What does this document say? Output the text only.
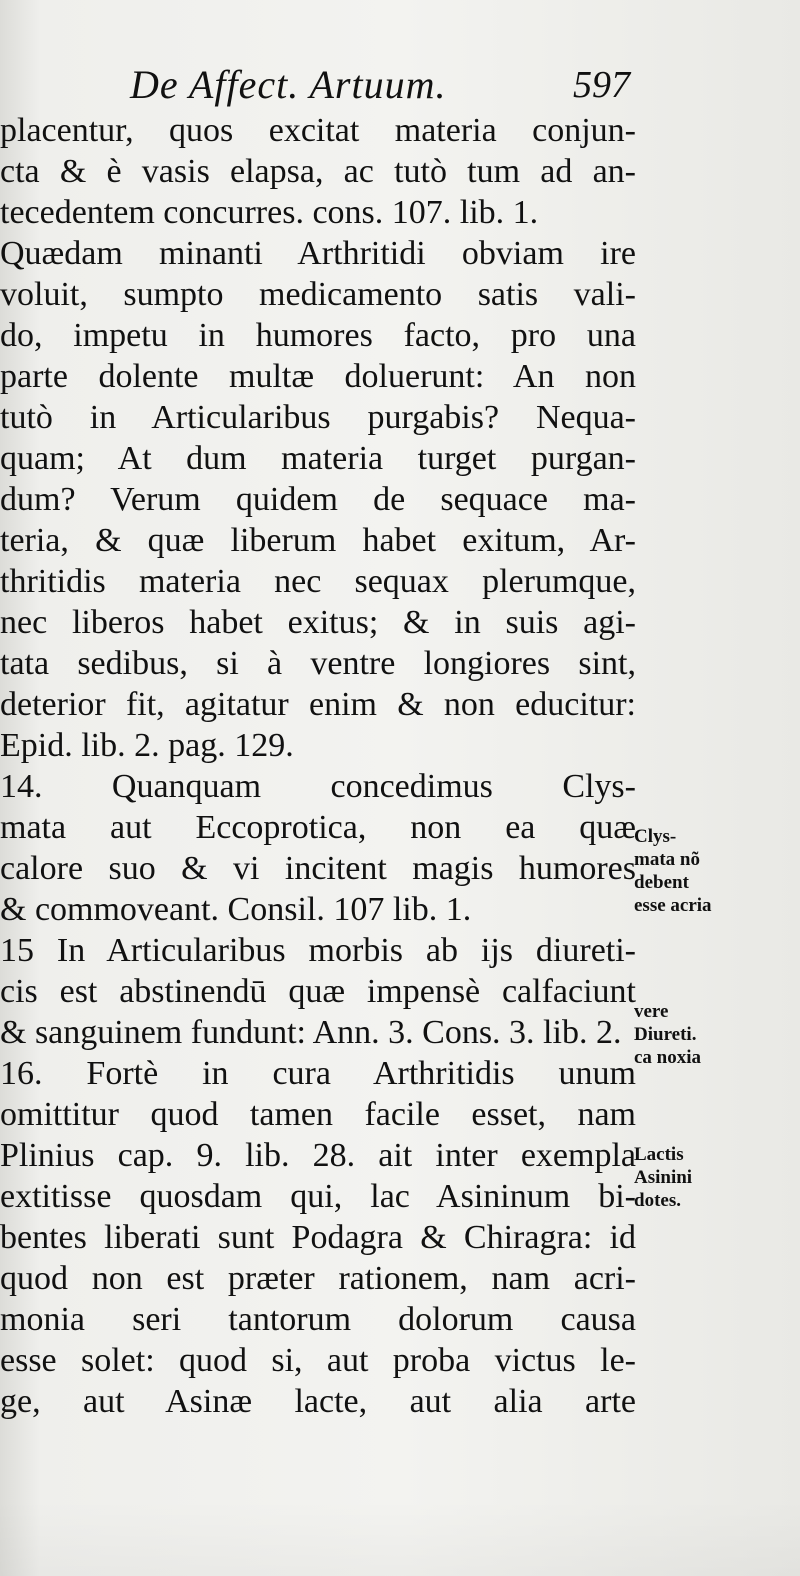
De Affect. Artuum.	597
placentur, quos excitat materia conjun-
cta & è vasis elapsa, ac tutò tum ad an-
tecedentem concurres. cons. 107. lib. 1.
Quædam minanti Arthritidi obviam ire
voluit, sumpto medicamento satis vali-
do, impetu in humores facto, pro una
parte dolente multæ doluerunt: An non
tutò in Articularibus purgabis? Nequa-
quam; At dum materia turget purgan-
dum? Verum quidem de sequace ma-
teria, & quæ liberum habet exitum, Ar-
thritidis materia nec sequax plerumque,
nec liberos habet exitus; & in suis agi-
tata sedibus, si à ventre longiores sint,
deterior fit, agitatur enim & non educitur:
Epid. lib. 2. pag. 129.
14. Quanquam concedimus Clys-
mata aut Eccoprotica, non ea quæ
calore suo & vi incitent magis humores
& commoveant. Consil. 107 lib. 1.
15 In Articularibus morbis ab ijs diureti-
cis est abstinendū quæ impensè calfaciunt
& sanguinem fundunt: Ann. 3. Cons. 3. lib. 2.
16. Fortè in cura Arthritidis unum
omittitur quod tamen facile esset, nam
Plinius cap. 9. lib. 28. ait inter exempla
extitisse quosdam qui, lac Asininum bi-
bentes liberati sunt Podagra & Chiragra: id
quod non est præter rationem, nam acri-
monia seri tantorum dolorum causa
esse solet: quod si, aut proba victus le-
ge, aut Asinæ lacte, aut alia arte
Clys-
mata nõ
debent
esse acria
vere
Diureti.
ca noxia
Lactis
Asinini
dotes.
